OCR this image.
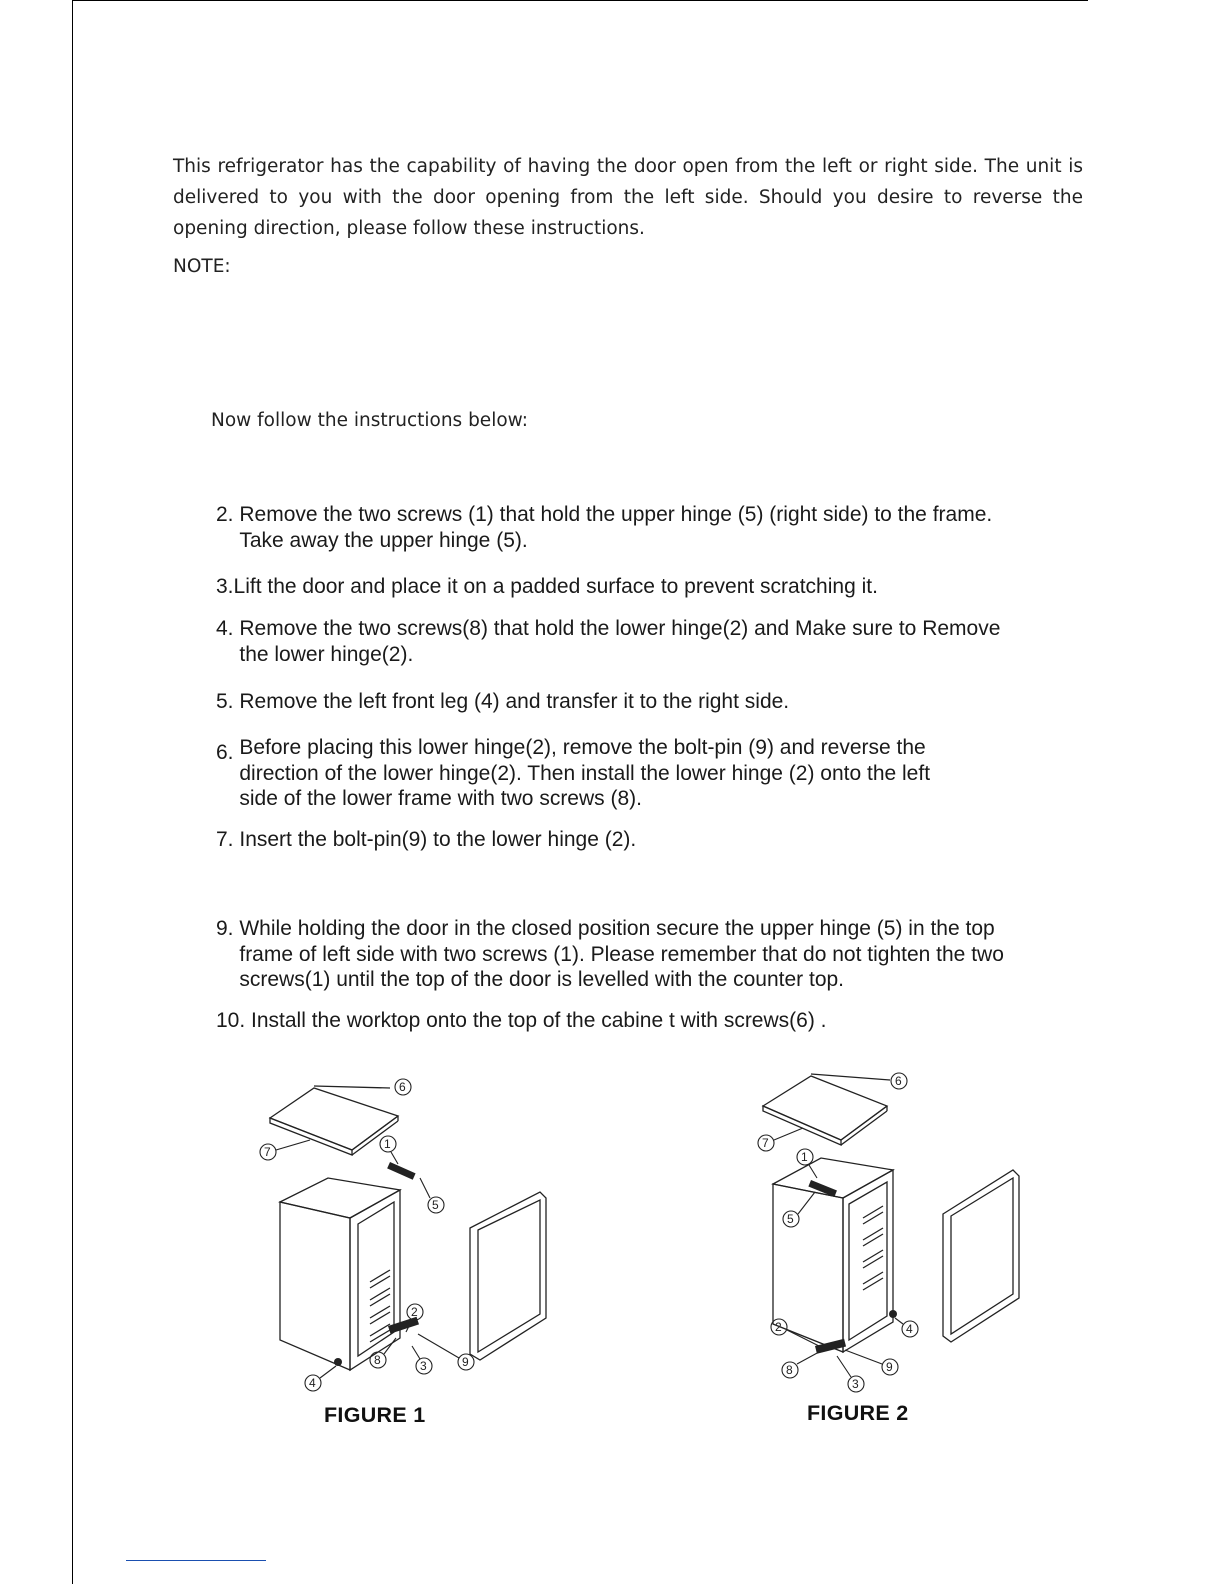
This refrigerator has the capability of having the door open from the left or right side. The unit is delivered to you with the door opening from the left side. Should you desire to reverse the opening direction, please follow these instructions.

NOTE:
Now follow the instructions below:
2. Remove the two screws (1) that hold the upper hinge (5) (right side) to the frame. Take away the upper hinge (5).
3. Lift the door and place it on a padded surface to prevent scratching it.
4. Remove the two screws(8) that hold the lower hinge(2) and Make sure to Remove the lower hinge(2).
5. Remove the left front leg (4) and transfer it to the right side.
6. Before placing this lower hinge(2), remove the bolt-pin (9) and reverse the direction of the lower hinge(2). Then install the lower hinge (2) onto the left side of the lower frame with two screws (8).
7. Insert the bolt-pin(9) to the lower hinge (2).
9. While holding the door in the closed position secure the upper hinge (5) in the top frame of left side with two screws (1). Please remember that do not tighten the two screws(1) until the top of the door is levelled with the counter top.
10. Install the worktop onto the top of the cabine t with screws(6) .
6
7
1
5
2
8	3	9
4
FIGURE 1
6
7
1
5
4
2
9
8
3
FIGURE 2
